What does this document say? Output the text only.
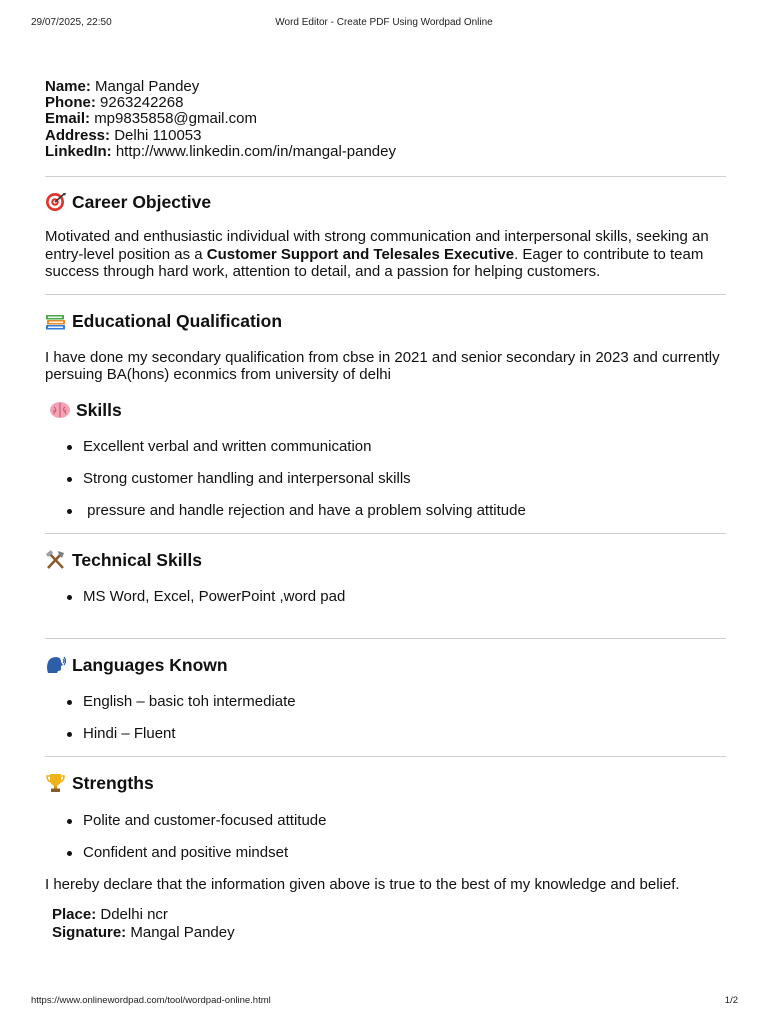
29/07/2025, 22:50	Word Editor - Create PDF Using Wordpad Online
Name: Mangal Pandey
Phone: 9263242268
Email: mp9835858@gmail.com
Address: Delhi 110053
LinkedIn: http://www.linkedin.com/in/mangal-pandey
Career Objective

Motivated and enthusiastic individual with strong communication and interpersonal skills, seeking an entry-level position as a Customer Support and Telesales Executive. Eager to contribute to team success through hard work, attention to detail, and a passion for helping customers.

Educational Qualification

I have done my secondary qualification from cbse in 2021 and senior secondary in 2023 and currently persuing BA(hons) econmics from university of delhi

Skills
Excellent verbal and written communication
Strong customer handling and interpersonal skills
pressure and handle rejection and have a problem solving attitude
Technical Skills
MS Word, Excel, PowerPoint ,word pad
Languages Known
English – basic toh intermediate
Hindi – Fluent
Strengths
Polite and customer-focused attitude
Confident and positive mindset

I hereby declare that the information given above is true to the best of my knowledge and belief.

Place: Ddelhi ncr
Signature: Mangal Pandey
https://www.onlinewordpad.com/tool/wordpad-online.html	1/2
